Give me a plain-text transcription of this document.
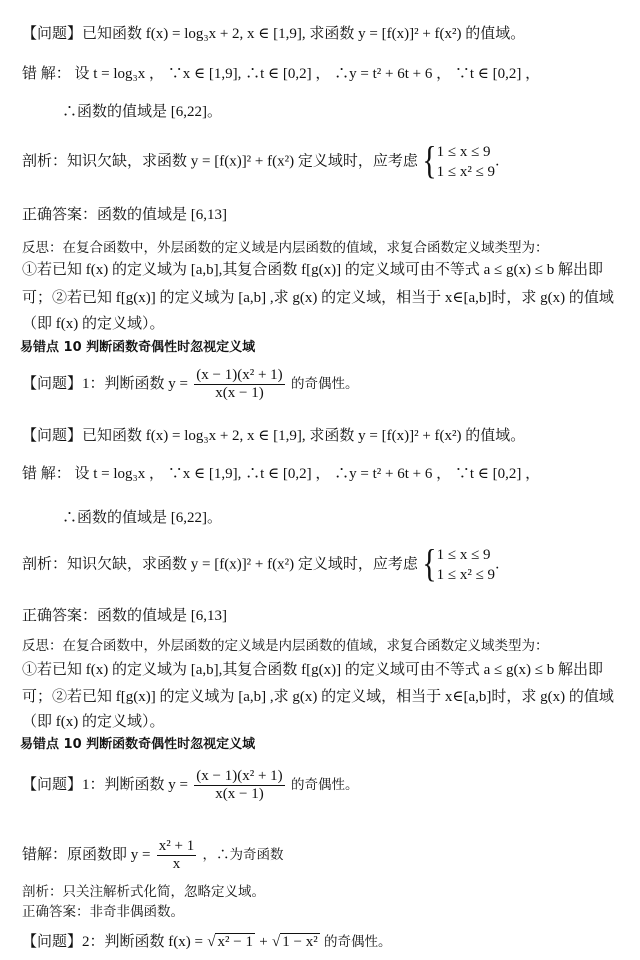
【问题】已知函数 f(x) = log₃x + 2, x ∈ [1,9], 求函数 y = [f(x)]² + f(x²) 的值域。
错 解： 设 t = log₃x ， ∵x ∈ [1,9], ∴t ∈ [0,2] ， ∴y = t² + 6t + 6 ， ∵t ∈ [0,2] ，
∴函数的值域是 [6,22]。
剖析：知识欠缺，求函数 y = [f(x)]² + f(x²) 定义域时，应考虑 { 1 ≤ x ≤ 9
1 ≤ x² ≤ 9
.
正确答案：函数的值域是 [6,13]
反思：在复合函数中，外层函数的定义域是内层函数的值域，求复合函数定义域类型为：
①若已知 f(x) 的定义域为 [a,b],其复合函数 f[g(x)] 的定义域可由不等式 a ≤ g(x) ≤ b 解出即
可；②若已知 f[g(x)] 的定义域为 [a,b] ,求 g(x) 的定义域，相当于 x∈[a,b]时，求 g(x) 的值域
（即 f(x) 的定义域）。
易错点 10 判断函数奇偶性时忽视定义域
【问题】1：判断函数 $y = \frac{\text{(x − 1)(x² + 1)}}{x(x - 1)}$ 的奇偶性。
【问题】已知函数 f(x) = log₃x + 2, x ∈ [1,9], 求函数 y = [f(x)]² + f(x²) 的值域。
错 解： 设 t = log₃x ， ∵x ∈ [1,9], ∴t ∈ [0,2] ， ∴y = t² + 6t + 6 ， ∵t ∈ [0,2] ，
∴函数的值域是 [6,22]。
剖析：知识欠缺，求函数 y = [f(x)]² + f(x²) 定义域时，应考虑 { 1 ≤ x ≤ 9
1 ≤ x² ≤ 9
.
正确答案：函数的值域是 [6,13]
反思：在复合函数中，外层函数的定义域是内层函数的值域，求复合函数定义域类型为：
①若已知 f(x) 的定义域为 [a,b],其复合函数 f[g(x)] 的定义域可由不等式 a ≤ g(x) ≤ b 解出即
可；②若已知 f[g(x)] 的定义域为 [a,b] ,求 g(x) 的定义域，相当于 x∈[a,b]时，求 g(x) 的值域
（即 f(x) 的定义域）。
易错点 10 判断函数奇偶性时忽视定义域
【问题】1：判断函数 $y = \frac{\text{(x − 1)(x² + 1)}}{x(x - 1)}$ 的奇偶性。
错解：原函数即 $y = \frac{\text{x² + 1}}{x}$ ，∴为奇函数
剖析：只关注解析式化简，忽略定义域。
正确答案：非奇非偶函数。
【问题】2：判断函数 f(x) = √ x² − 1 + √ 1 − x² 的奇偶性。
